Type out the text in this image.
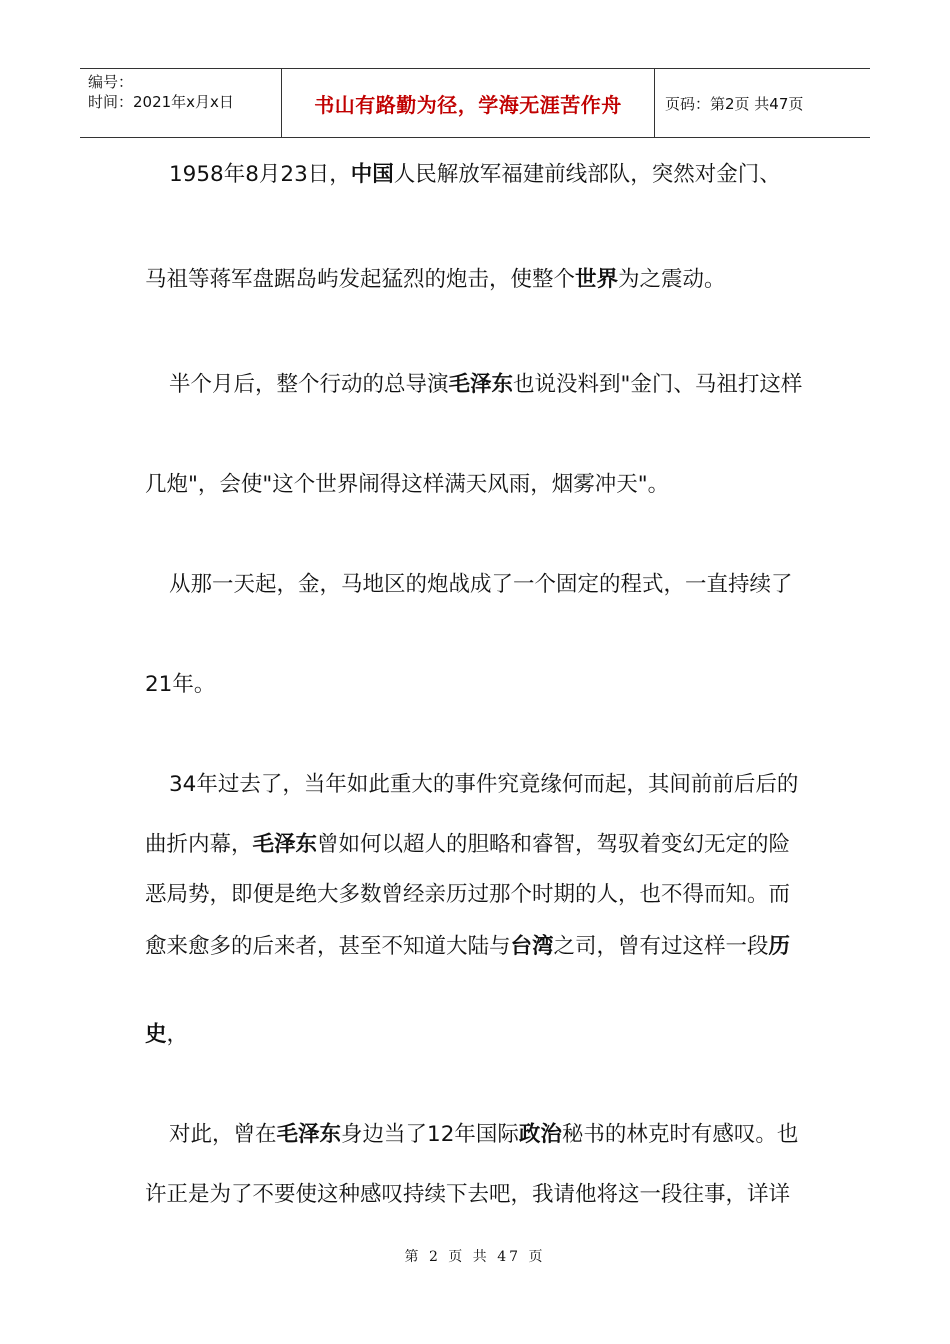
编号：
时间：2021年x月x日	书山有路勤为径，学海无涯苦作舟	页码：第2页 共47页
1958年8月23日，中国人民解放军福建前线部队，突然对金门、
马祖等蒋军盘踞岛屿发起猛烈的炮击，使整个世界为之震动。
半个月后，整个行动的总导演毛泽东也说没料到"金门、马祖打这样
几炮"，会使"这个世界闹得这样满天风雨，烟雾冲天"。
从那一天起，金，马地区的炮战成了一个固定的程式，一直持续了
21年。
34年过去了，当年如此重大的事件究竟缘何而起，其间前前后后的
曲折内幕，毛泽东曾如何以超人的胆略和睿智，驾驭着变幻无定的险
恶局势，即便是绝大多数曾经亲历过那个时期的人，也不得而知。而
愈来愈多的后来者，甚至不知道大陆与台湾之司，曾有过这样一段历
史，
对此，曾在毛泽东身边当了12年国际政治秘书的林克时有感叹。也
许正是为了不要使这种感叹持续下去吧，我请他将这一段往事，详详
第 2 页 共 47 页
